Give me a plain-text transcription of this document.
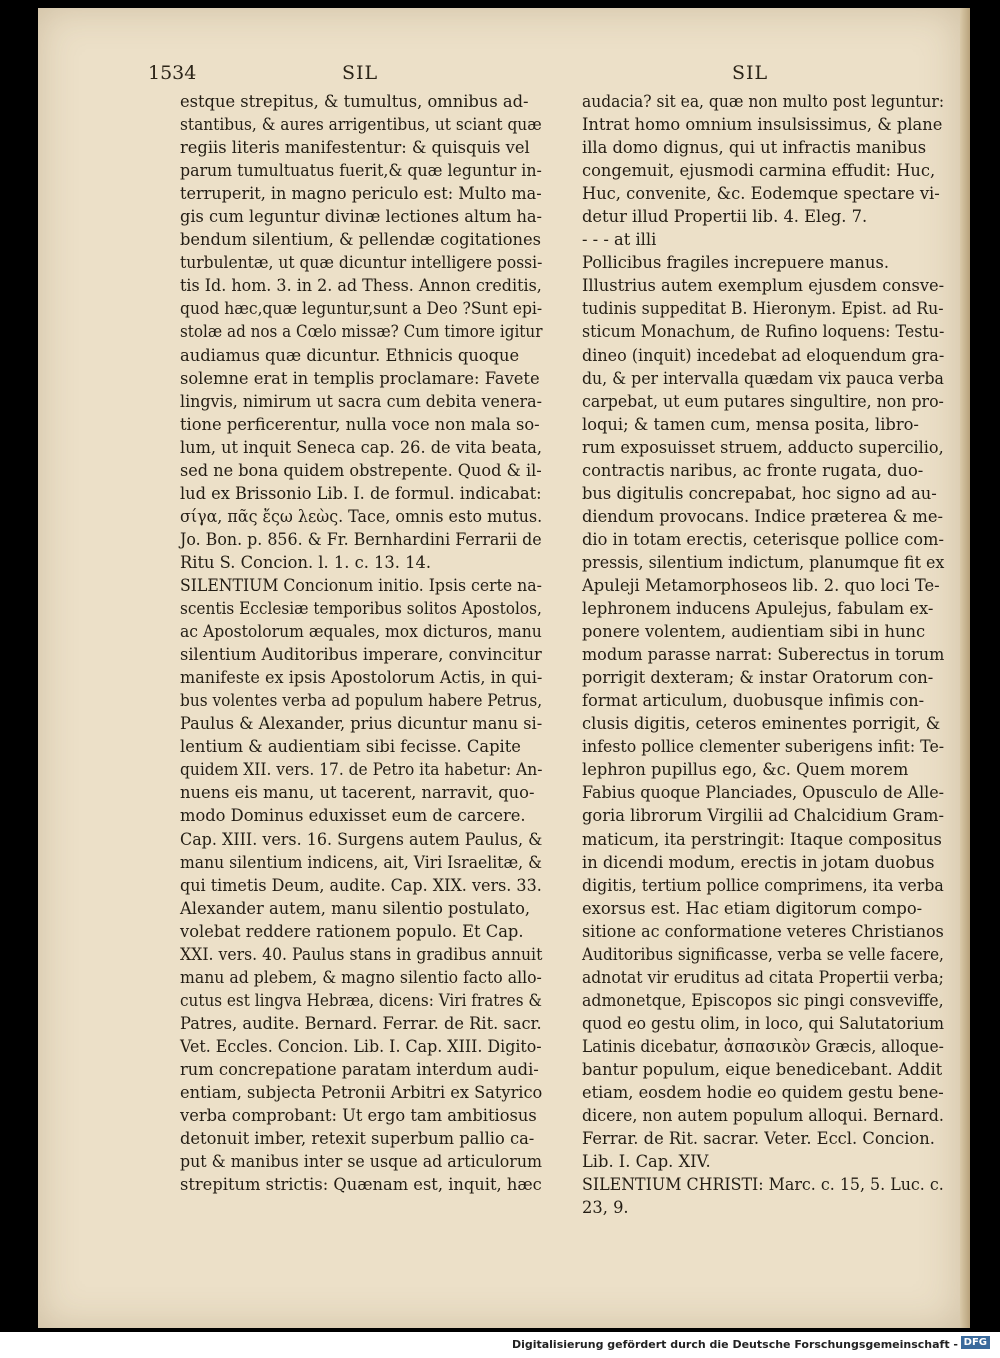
1534	SIL	SIL
estque strepitus, & tumultus, omnibus ad-
stantibus, & aures arrigentibus, ut sciant quæ
regiis literis manifestentur: & quisquis vel
parum tumultuatus fuerit,& quæ leguntur in-
terruperit, in magno periculo est: Multo ma-
gis cum leguntur divinæ lectiones altum ha-
bendum silentium, & pellendæ cogitationes
turbulentæ, ut quæ dicuntur intelligere possi-
tis Id. hom. 3. in 2. ad Thess. Annon creditis,
quod hæc,quæ leguntur,sunt a Deo ?Sunt epi-
stolæ ad nos a Cœlo missæ? Cum timore igitur
audiamus quæ dicuntur. Ethnicis quoque
solemne erat in templis proclamare: Favete
lingvis, nimirum ut sacra cum debita venera-
tione perficerentur, nulla voce non mala so-
lum, ut inquit Seneca cap. 26. de vita beata,
sed ne bona quidem obstrepente. Quod & il-
lud ex Brissonio Lib. I. de formul. indicabat:
σίγα, πᾶς ἔςω λεὼς. Tace, omnis esto mutus.
Jo. Bon. p. 856. & Fr. Bernhardini Ferrarii de
Ritu S. Concion. l. 1. c. 13. 14.
SILENTIUM Concionum initio. Ipsis certe na-
scentis Ecclesiæ temporibus solitos Apostolos,
ac Apostolorum æquales, mox dicturos, manu
silentium Auditoribus imperare, convincitur
manifeste ex ipsis Apostolorum Actis, in qui-
bus volentes verba ad populum habere Petrus,
Paulus & Alexander, prius dicuntur manu si-
lentium & audientiam sibi fecisse. Capite
quidem XII. vers. 17. de Petro ita habetur: An-
nuens eis manu, ut tacerent, narravit, quo-
modo Dominus eduxisset eum de carcere.
Cap. XIII. vers. 16. Surgens autem Paulus, &
manu silentium indicens, ait, Viri Israelitæ, &
qui timetis Deum, audite. Cap. XIX. vers. 33.
Alexander autem, manu silentio postulato,
volebat reddere rationem populo. Et Cap.
XXI. vers. 40. Paulus stans in gradibus annuit
manu ad plebem, & magno silentio facto allo-
cutus est lingva Hebræa, dicens: Viri fratres &
Patres, audite. Bernard. Ferrar. de Rit. sacr.
Vet. Eccles. Concion. Lib. I. Cap. XIII. Digito-
rum concrepatione paratam interdum audi-
entiam, subjecta Petronii Arbitri ex Satyrico
verba comprobant: Ut ergo tam ambitiosus
detonuit imber, retexit superbum pallio ca-
put & manibus inter se usque ad articulorum
strepitum strictis: Quænam est, inquit, hæc
audacia? sit ea, quæ non multo post leguntur:
Intrat homo omnium insulsissimus, & plane
illa domo dignus, qui ut infractis manibus
congemuit, ejusmodi carmina effudit: Huc,
Huc, convenite, &c. Eodemque spectare vi-
detur illud Propertii lib. 4. Eleg. 7.
- - - at illi
Pollicibus fragiles increpuere manus.
Illustrius autem exemplum ejusdem consve-
tudinis suppeditat B. Hieronym. Epist. ad Ru-
sticum Monachum, de Rufino loquens: Testu-
dineo (inquit) incedebat ad eloquendum gra-
du, & per intervalla quædam vix pauca verba
carpebat, ut eum putares singultire, non pro-
loqui; & tamen cum, mensa posita, libro-
rum exposuisset struem, adducto supercilio,
contractis naribus, ac fronte rugata, duo-
bus digitulis concrepabat, hoc signo ad au-
diendum provocans. Indice præterea & me-
dio in totam erectis, ceterisque pollice com-
pressis, silentium indictum, planumque fit ex
Apuleji Metamorphoseos lib. 2. quo loci Te-
lephronem inducens Apulejus, fabulam ex-
ponere volentem, audientiam sibi in hunc
modum parasse narrat: Suberectus in torum
porrigit dexteram; & instar Oratorum con-
format articulum, duobusque infimis con-
clusis digitis, ceteros eminentes porrigit, &
infesto pollice clementer suberigens infit: Te-
lephron pupillus ego, &c. Quem morem
Fabius quoque Planciades, Opusculo de Alle-
goria librorum Virgilii ad Chalcidium Gram-
maticum, ita perstringit: Itaque compositus
in dicendi modum, erectis in jotam duobus
digitis, tertium pollice comprimens, ita verba
exorsus est. Hac etiam digitorum compo-
sitione ac conformatione veteres Christianos
Auditoribus significasse, verba se velle facere,
adnotat vir eruditus ad citata Propertii verba;
admonetque, Episcopos sic pingi consveviffe,
quod eo gestu olim, in loco, qui Salutatorium
Latinis dicebatur, ἀσπασικὸν Græcis, alloque-
bantur populum, eique benedicebant. Addit
etiam, eosdem hodie eo quidem gestu bene-
dicere, non autem populum alloqui. Bernard.
Ferrar. de Rit. sacrar. Veter. Eccl. Concion.
Lib. I. Cap. XIV.
SILENTIUM CHRISTI: Marc. c. 15, 5. Luc. c.
23, 9.
Digitalisierung gefördert durch die Deutsche Forschungsgemeinschaft - DFG
